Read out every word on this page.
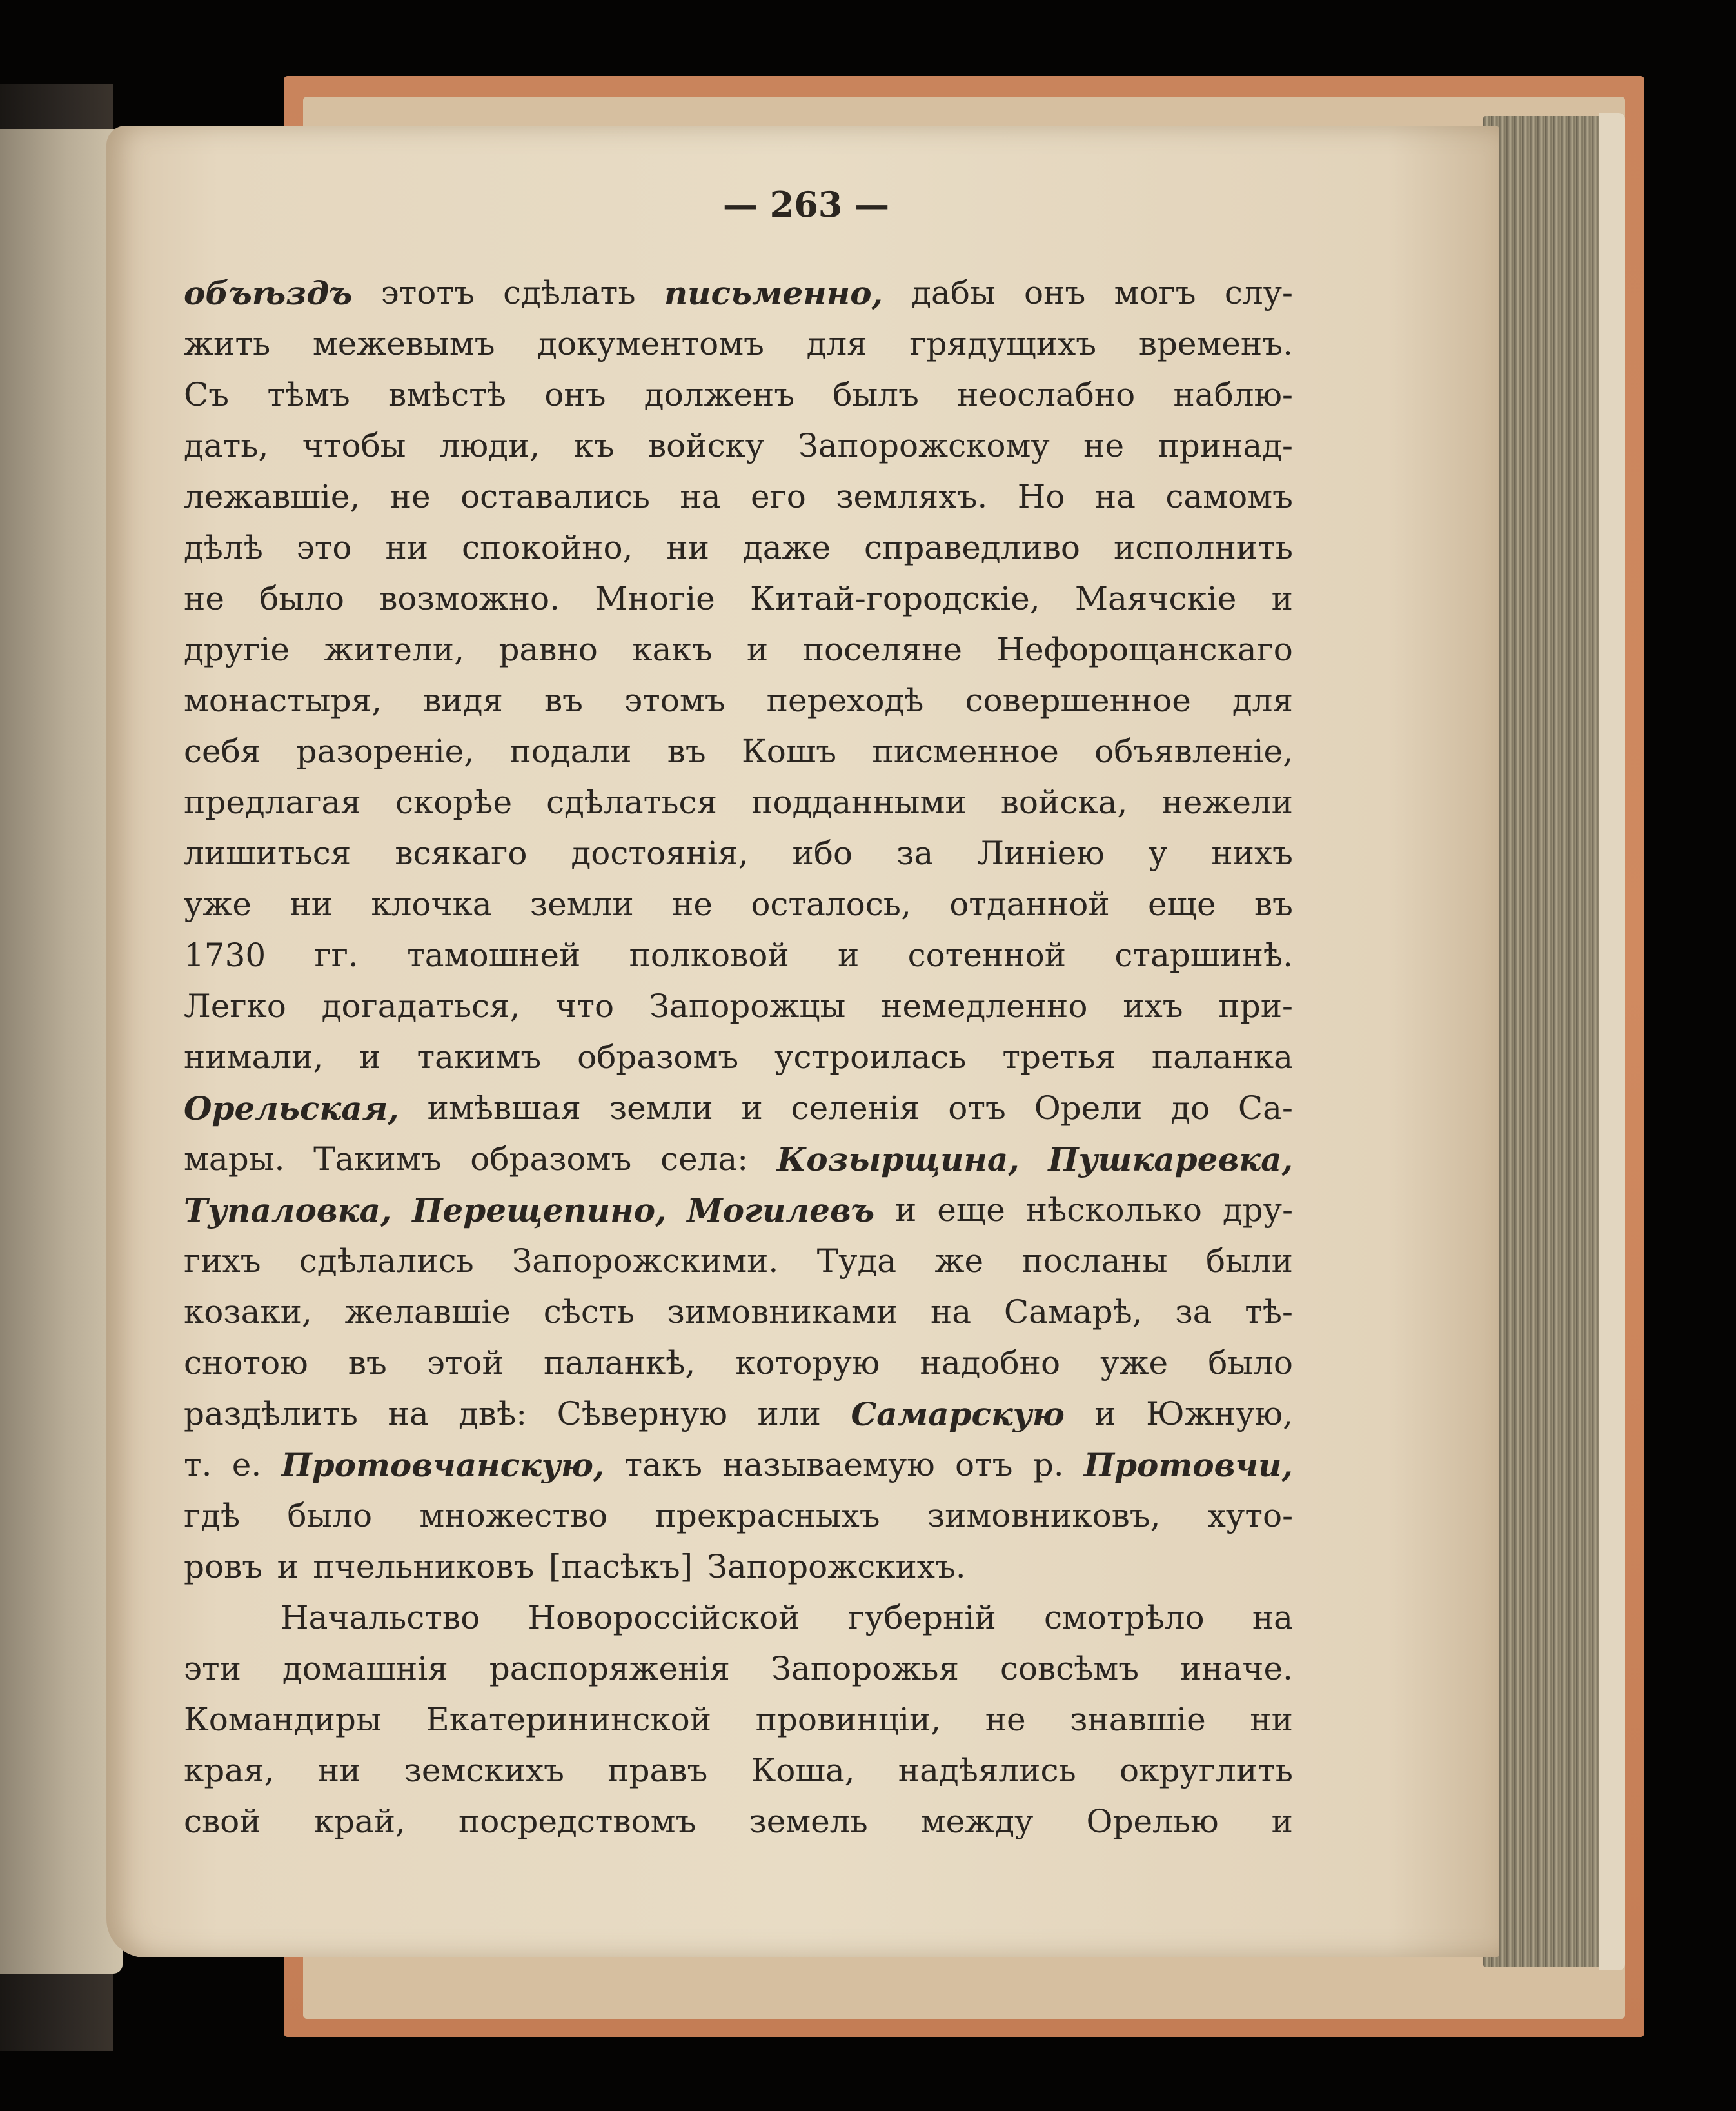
— 263 —
объѣздъ этотъ сдѣлать письменно, дабы онъ могъ слу-
жить межевымъ документомъ для грядущихъ временъ.
Съ тѣмъ вмѣстѣ онъ долженъ былъ неослабно наблю-
дать, чтобы люди, къ войску Запорожскому не принад-
лежавшіе, не оставались на его земляхъ. Но на самомъ
дѣлѣ это ни спокойно, ни даже справедливо исполнить
не было возможно. Многіе Китай-городскіе, Маячскіе и
другіе жители, равно какъ и поселяне Нефорощанскаго
монастыря, видя въ этомъ переходѣ совершенное для
себя разореніе, подали въ Кошъ писменное объявленіе,
предлагая скорѣе сдѣлаться подданными войска, нежели
лишиться всякаго достоянія, ибо за Линіею у нихъ
уже ни клочка земли не осталось, отданной еще въ
1730 гг. тамошней полковой и сотенной старшинѣ.
Легко догадаться, что Запорожцы немедленно ихъ при-
нимали, и такимъ образомъ устроилась третья паланка
Орельская, имѣвшая земли и селенія отъ Орели до Са-
мары. Такимъ образомъ села: Козырщина, Пушкаревка,
Тупаловка, Перещепино, Могилевъ и еще нѣсколько дру-
гихъ сдѣлались Запорожскими. Туда же посланы были
козаки, желавшіе сѣсть зимовниками на Самарѣ, за тѣ-
снотою въ этой паланкѣ, которую надобно уже было
раздѣлить на двѣ: Сѣверную или Самарскую и Южную,
т. е. Протовчанскую, такъ называемую отъ р. Протовчи,
гдѣ было множество прекрасныхъ зимовниковъ, хуто-
ровъ и пчельниковъ [пасѣкъ] Запорожскихъ.
Начальство Новороссійской губерній смотрѣло на
эти домашнія распоряженія Запорожья совсѣмъ иначе.
Командиры Екатерининской провинціи, не знавшіе ни
края, ни земскихъ правъ Коша, надѣялись округлить
свой край, посредствомъ земель между Орелью и
